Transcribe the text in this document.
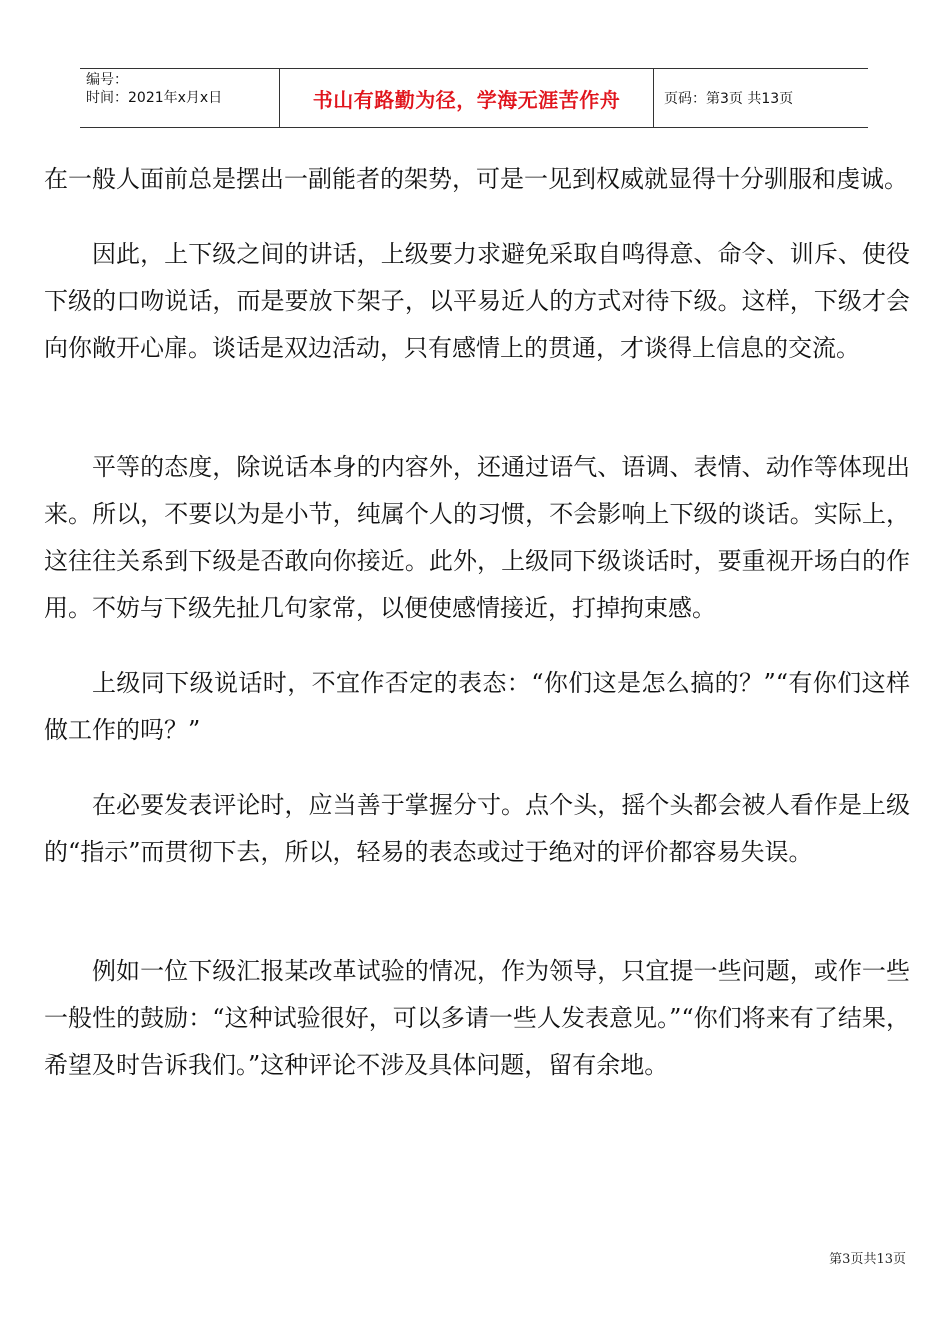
编号：
时间：2021年x月x日	书山有路勤为径，学海无涯苦作舟	页码：第3页 共13页

在一般人面前总是摆出一副能者的架势，可是一见到权威就显得十分驯服和虔诚。

因此，上下级之间的讲话，上级要力求避免采取自鸣得意、命令、训斥、使役下级的口吻说话，而是要放下架子，以平易近人的方式对待下级。这样，下级才会向你敞开心扉。谈话是双边活动，只有感情上的贯通，才谈得上信息的交流。

平等的态度，除说话本身的内容外，还通过语气、语调、表情、动作等体现出来。所以，不要以为是小节，纯属个人的习惯，不会影响上下级的谈话。实际上，这往往关系到下级是否敢向你接近。此外，上级同下级谈话时，要重视开场白的作用。不妨与下级先扯几句家常，以便使感情接近，打掉拘束感。

上级同下级说话时，不宜作否定的表态：“你们这是怎么搞的？”“有你们这样做工作的吗？”

在必要发表评论时，应当善于掌握分寸。点个头，摇个头都会被人看作是上级的“指示”而贯彻下去，所以，轻易的表态或过于绝对的评价都容易失误。

例如一位下级汇报某改革试验的情况，作为领导，只宜提一些问题，或作一些一般性的鼓励：“这种试验很好，可以多请一些人发表意见。”“你们将来有了结果，希望及时告诉我们。”这种评论不涉及具体问题，留有余地。

第3页共13页
